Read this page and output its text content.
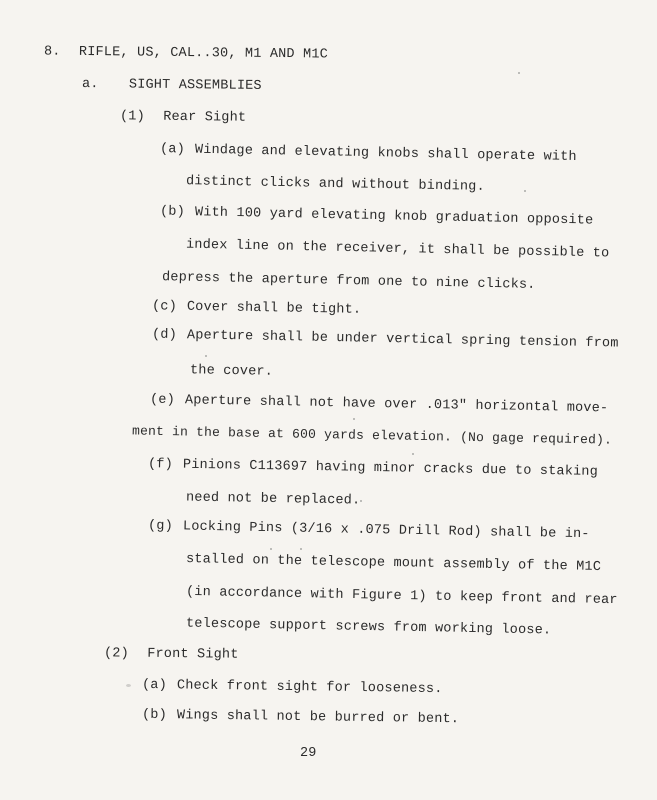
8. RIFLE, US, CAL..30, M1 AND M1C
a. SIGHT ASSEMBLIES
(1) Rear Sight
(a) Windage and elevating knobs shall operate with
distinct clicks and without binding.
(b) With 100 yard elevating knob graduation opposite
index line on the receiver, it shall be possible to
depress the aperture from one to nine clicks.
(c) Cover shall be tight.
(d) Aperture shall be under vertical spring tension from
the cover.
(e) Aperture shall not have over .013" horizontal move-
ment in the base at 600 yards elevation. (No gage required).
(f) Pinions C113697 having minor cracks due to staking
need not be replaced.
(g) Locking Pins (3/16 x .075 Drill Rod) shall be in-
stalled on the telescope mount assembly of the M1C
(in accordance with Figure 1) to keep front and rear
telescope support screws from working loose.
(2) Front Sight
(a) Check front sight for looseness.
(b) Wings shall not be burred or bent.
29
